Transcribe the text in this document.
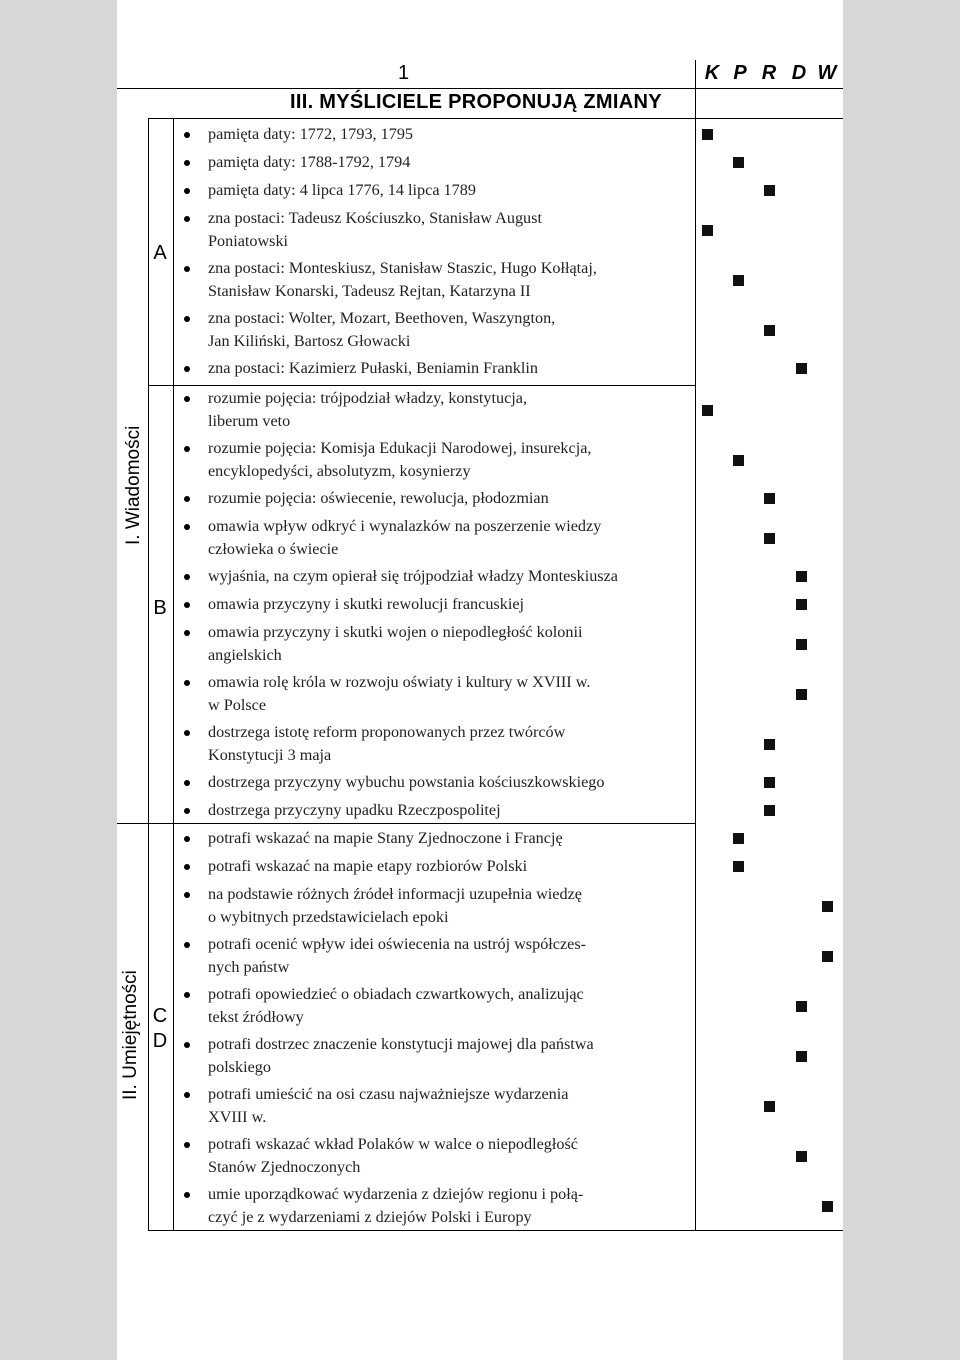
1	K P R D W
III. MYŚLICIELE PROPONUJĄ ZMIANY
I. Wiadomości
II. Umiejętności
A
B
C
D
pamięta daty: 1772, 1793, 1795
pamięta daty: 1788-1792, 1794
pamięta daty: 4 lipca 1776, 14 lipca 1789
zna postaci: Tadeusz Kościuszko, Stanisław August
Poniatowski
zna postaci: Monteskiusz, Stanisław Staszic, Hugo Kołłątaj,
Stanisław Konarski, Tadeusz Rejtan, Katarzyna II
zna postaci: Wolter, Mozart, Beethoven, Waszyngton,
Jan Kiliński, Bartosz Głowacki
zna postaci: Kazimierz Pułaski, Beniamin Franklin
rozumie pojęcia: trójpodział władzy, konstytucja,
liberum veto
rozumie pojęcia: Komisja Edukacji Narodowej, insurekcja,
encyklopedyści, absolutyzm, kosynierzy
rozumie pojęcia: oświecenie, rewolucja, płodozmian
omawia wpływ odkryć i wynalazków na poszerzenie wiedzy
człowieka o świecie
wyjaśnia, na czym opierał się trójpodział władzy Monteskiusza
omawia przyczyny i skutki rewolucji francuskiej
omawia przyczyny i skutki wojen o niepodległość kolonii
angielskich
omawia rolę króla w rozwoju oświaty i kultury w XVIII w.
w Polsce
dostrzega istotę reform proponowanych przez twórców
Konstytucji 3 maja
dostrzega przyczyny wybuchu powstania kościuszkowskiego
dostrzega przyczyny upadku Rzeczpospolitej
potrafi wskazać na mapie Stany Zjednoczone i Francję
potrafi wskazać na mapie etapy rozbiorów Polski
na podstawie różnych źródeł informacji uzupełnia wiedzę
o wybitnych przedstawicielach epoki
potrafi ocenić wpływ idei oświecenia na ustrój współczes-
nych państw
potrafi opowiedzieć o obiadach czwartkowych, analizując
tekst źródłowy
potrafi dostrzec znaczenie konstytucji majowej dla państwa
polskiego
potrafi umieścić na osi czasu najważniejsze wydarzenia
XVIII w.
potrafi wskazać wkład Polaków w walce o niepodległość
Stanów Zjednoczonych
umie uporządkować wydarzenia z dziejów regionu i połą-
czyć je z wydarzeniami z dziejów Polski i Europy
